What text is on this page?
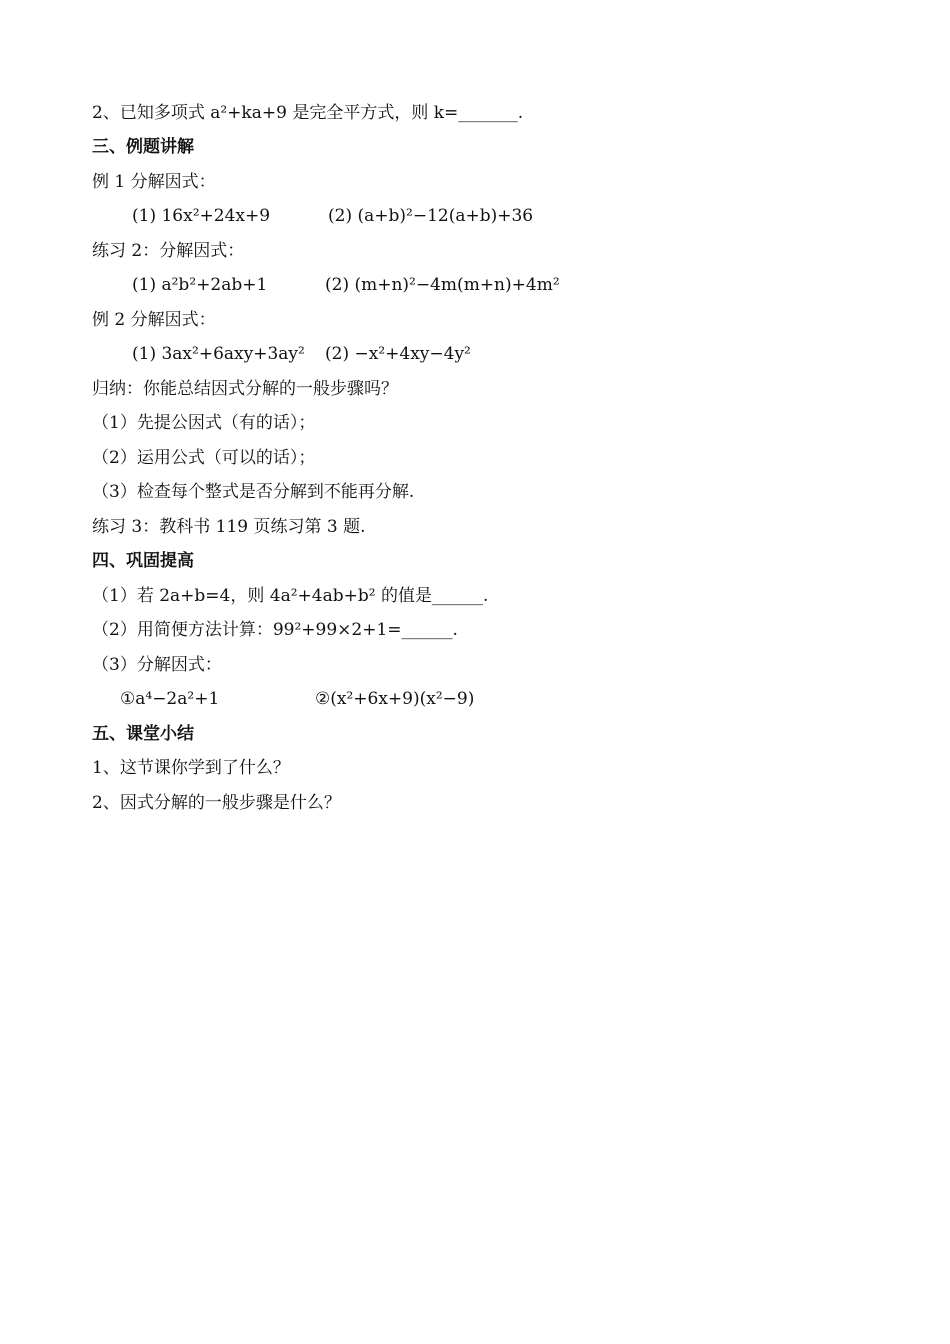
2、已知多项式 a²+ka+9 是完全平方式，则 k=_______.
三、例题讲解
例 1 分解因式：
(1) 16x²+24x+9	(2) (a+b)²−12(a+b)+36
练习 2：分解因式：
(1) a²b²+2ab+1	(2) (m+n)²−4m(m+n)+4m²
例 2 分解因式：
(1) 3ax²+6axy+3ay² (2) −x²+4xy−4y²
归纳：你能总结因式分解的一般步骤吗？
（1）先提公因式（有的话）；
（2）运用公式（可以的话）；
（3）检查每个整式是否分解到不能再分解.
练习 3：教科书 119 页练习第 3 题.
四、巩固提高
（1）若 2a+b=4，则 4a²+4ab+b² 的值是______.
（2）用简便方法计算：99²+99×2+1=______.
（3）分解因式：
①a⁴−2a²+1	②(x²+6x+9)(x²−9)
五、课堂小结
1、这节课你学到了什么？
2、因式分解的一般步骤是什么？
